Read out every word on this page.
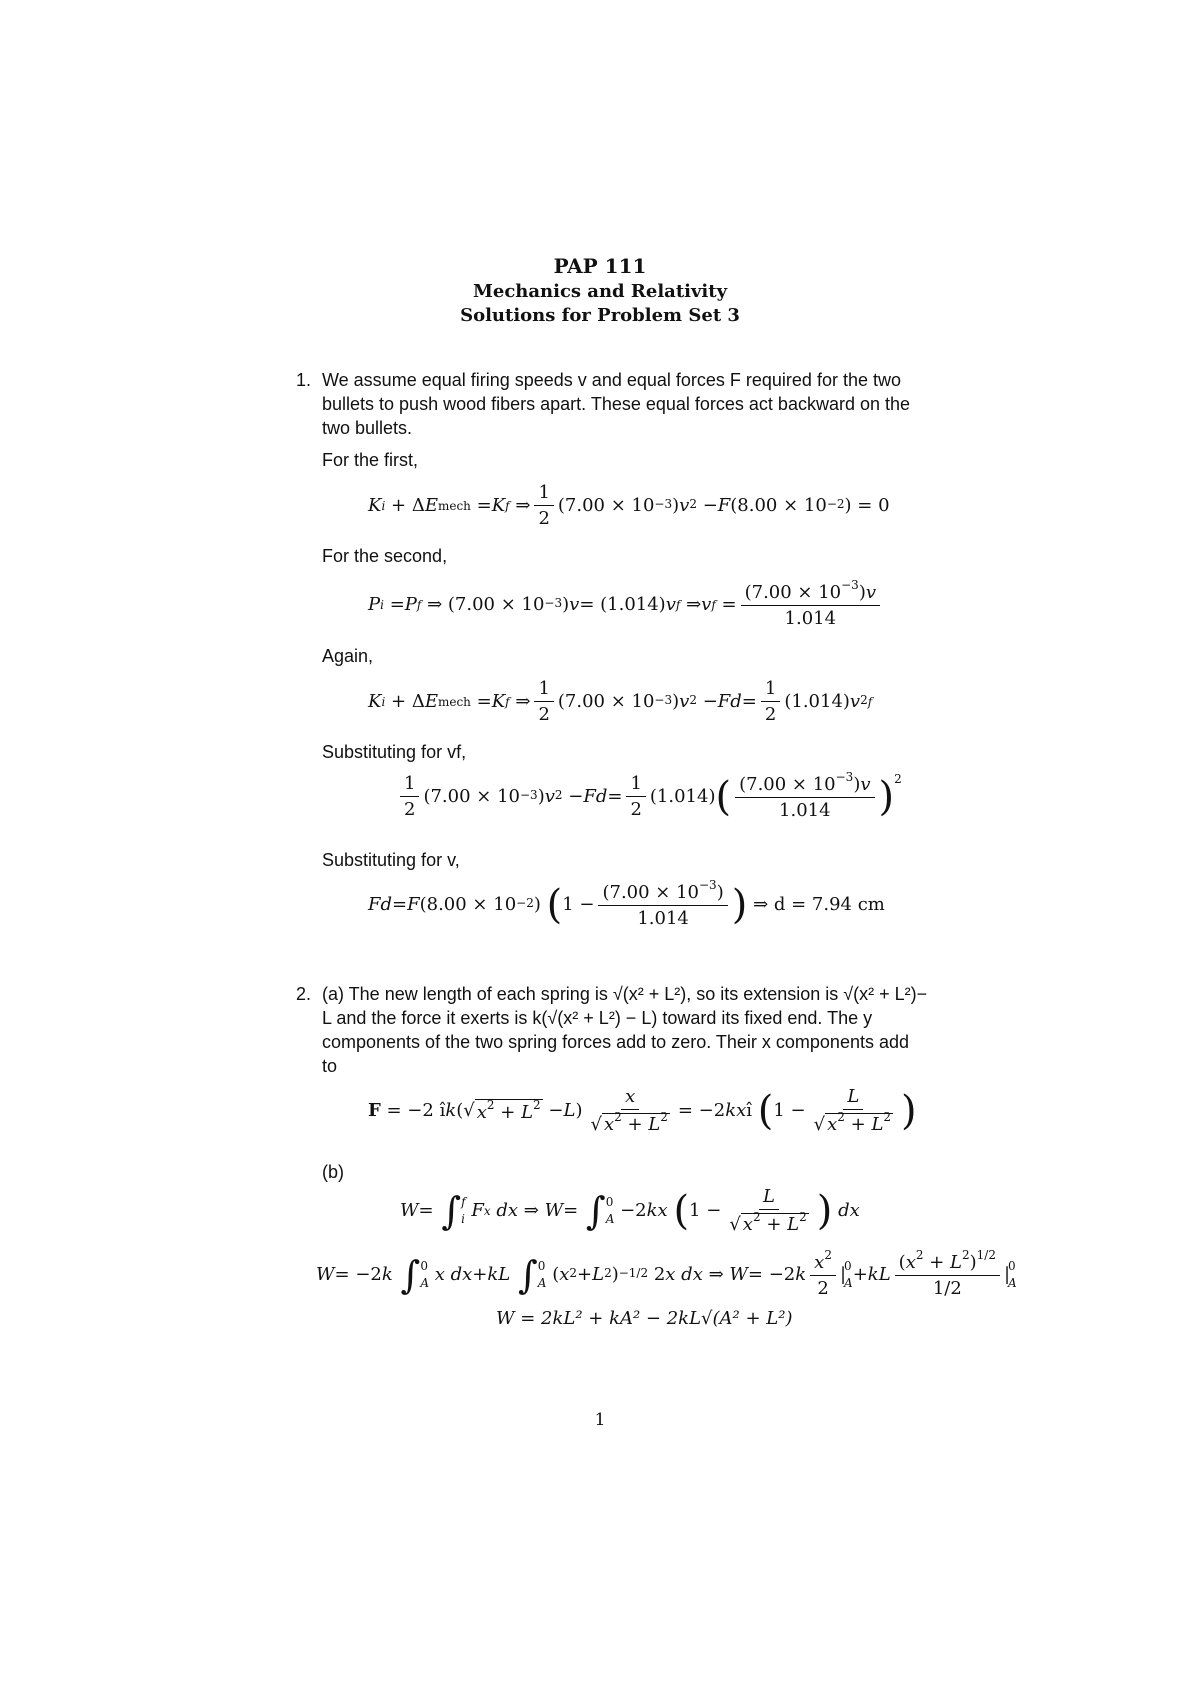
PAP 111
Mechanics and Relativity
Solutions for Problem Set 3
1. We assume equal firing speeds v and equal forces F required for the two
bullets to push wood fibers apart. These equal forces act backward on the
two bullets.
For the first,
K i + Δ E mech = K f ⇒
1
2
($7.00 \times 10^{-3}$ ) $v^2 - F$ ($8.00 \times 10^{-2}$ ) = 0
For the second,
P i = P f ⇒ ($7.00 \times 10^{-3}$ ) v = (1.014) v f ⇒ v f =
$(7.00 \times 10^{-3})v$
1.014
Again,
K i + Δ E mech = K f ⇒
1
2
($7.00 \times 10^{-3}$ ) $v^2 - Fd$ =
1
2
(1.014) $v^2$ f
Substituting for vf,
1
2
($7.00 \times 10^{-3}$ ) $v^2 - Fd$ =
1
2
(1.014) ( $(7.00 \times 10^{-3})v$
1.014 )$^2$
Substituting for v,
Fd = F ($8.00 \times 10^{-2}$ ) ( 1 −
$(7.00 \times 10^{-3})$
1.014 ) ⇒ d = 7.94 cm
2. (a) The new length of each spring is √(x² + L²), so its extension is √(x² + L²)−
L and the force it exerts is k(√(x² + L²) − L) toward its fixed end. The y
components of the two spring forces add to zero. Their x components add
to
F = −2 î k (√ $x^2 + L^2 - L$ )
x
√ $x^2 + L^2 = -2$ kx î ( 1 −
L
√ $x^2 + L^2$ )
(b)
W = ∫ f
i
F x
dx ⇒ W = ∫ 0
A −2 kx
( 1 −
L
√ $x^2 + L^2$ )
dx
W = −2 k
∫ 0
A
x dx + kL
∫ 0
A ( $x^2 + L^2$ )$^{-1/2}$ 2 x dx ⇒ W = −2 k
$x^2$
2
|
0
A + kL
$(x^2 + L^2)^{1/2}$
1/2
|
0
A
W = 2kL² + kA² − 2kL√(A² + L²)
1
